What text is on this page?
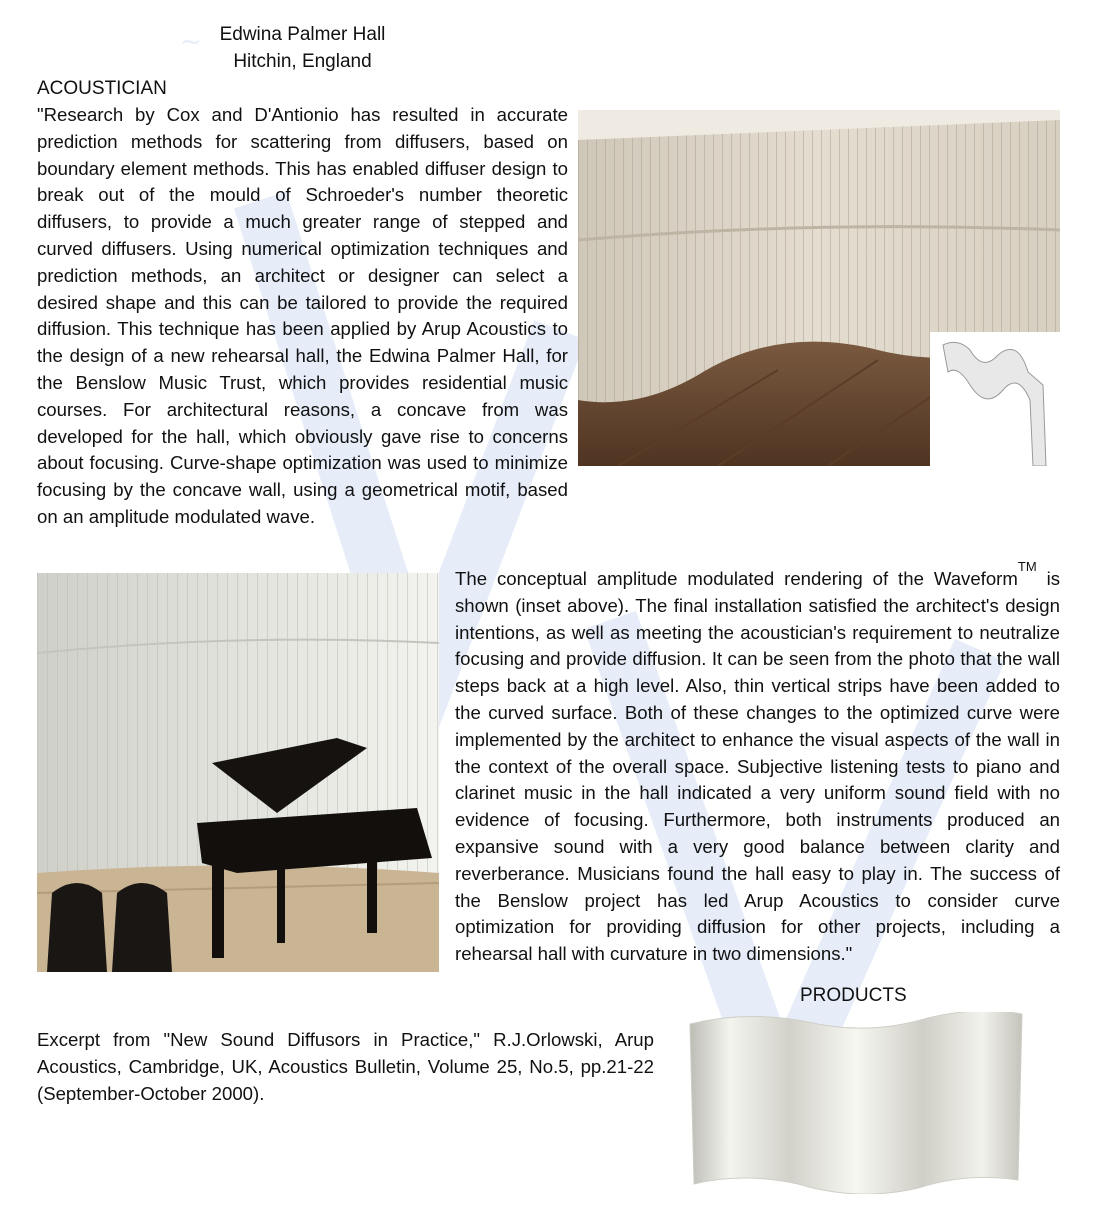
~ Edwina Palmer Hall
Hitchin, England
ACOUSTICIAN
"Research by Cox and D'Antionio has resulted in accurate prediction methods for scattering from diffusers, based on boundary element methods. This has enabled diffuser design to break out of the mould of Schroeder's number theoretic diffusers, to provide a much greater range of stepped and curved diffusers. Using numerical optimization techniques and prediction methods, an architect or designer can select a desired shape and this can be tailored to provide the required diffusion. This technique has been applied by Arup Acoustics to the design of a new rehearsal hall, the Edwina Palmer Hall, for the Benslow Music Trust, which provides residential music courses. For architectural reasons, a concave from was developed for the hall, which obviously gave rise to concerns about focusing. Curve-shape optimization was used to minimize focusing by the concave wall, using a geometrical motif, based on an amplitude modulated wave.
The conceptual amplitude modulated rendering of the Waveform™ is shown (inset above). The final installation satisfied the architect's design intentions, as well as meeting the acoustician's requirement to neutralize focusing and provide diffusion. It can be seen from the photo that the wall steps back at a high level. Also, thin vertical strips have been added to the curved surface. Both of these changes to the optimized curve were implemented by the architect to enhance the visual aspects of the wall in the context of the overall space. Subjective listening tests to piano and clarinet music in the hall indicated a very uniform sound field with no evidence of focusing. Furthermore, both instruments produced an expansive sound with a very good balance between clarity and reverberance. Musicians found the hall easy to play in. The success of the Benslow project has led Arup Acoustics to consider curve optimization for providing diffusion for other projects, including a rehearsal hall with curvature in two dimensions."
PRODUCTS
Excerpt from "New Sound Diffusors in Practice," R.J.Orlowski, Arup Acoustics, Cambridge, UK, Acoustics Bulletin, Volume 25, No.5, pp.21-22 (September-October 2000).
